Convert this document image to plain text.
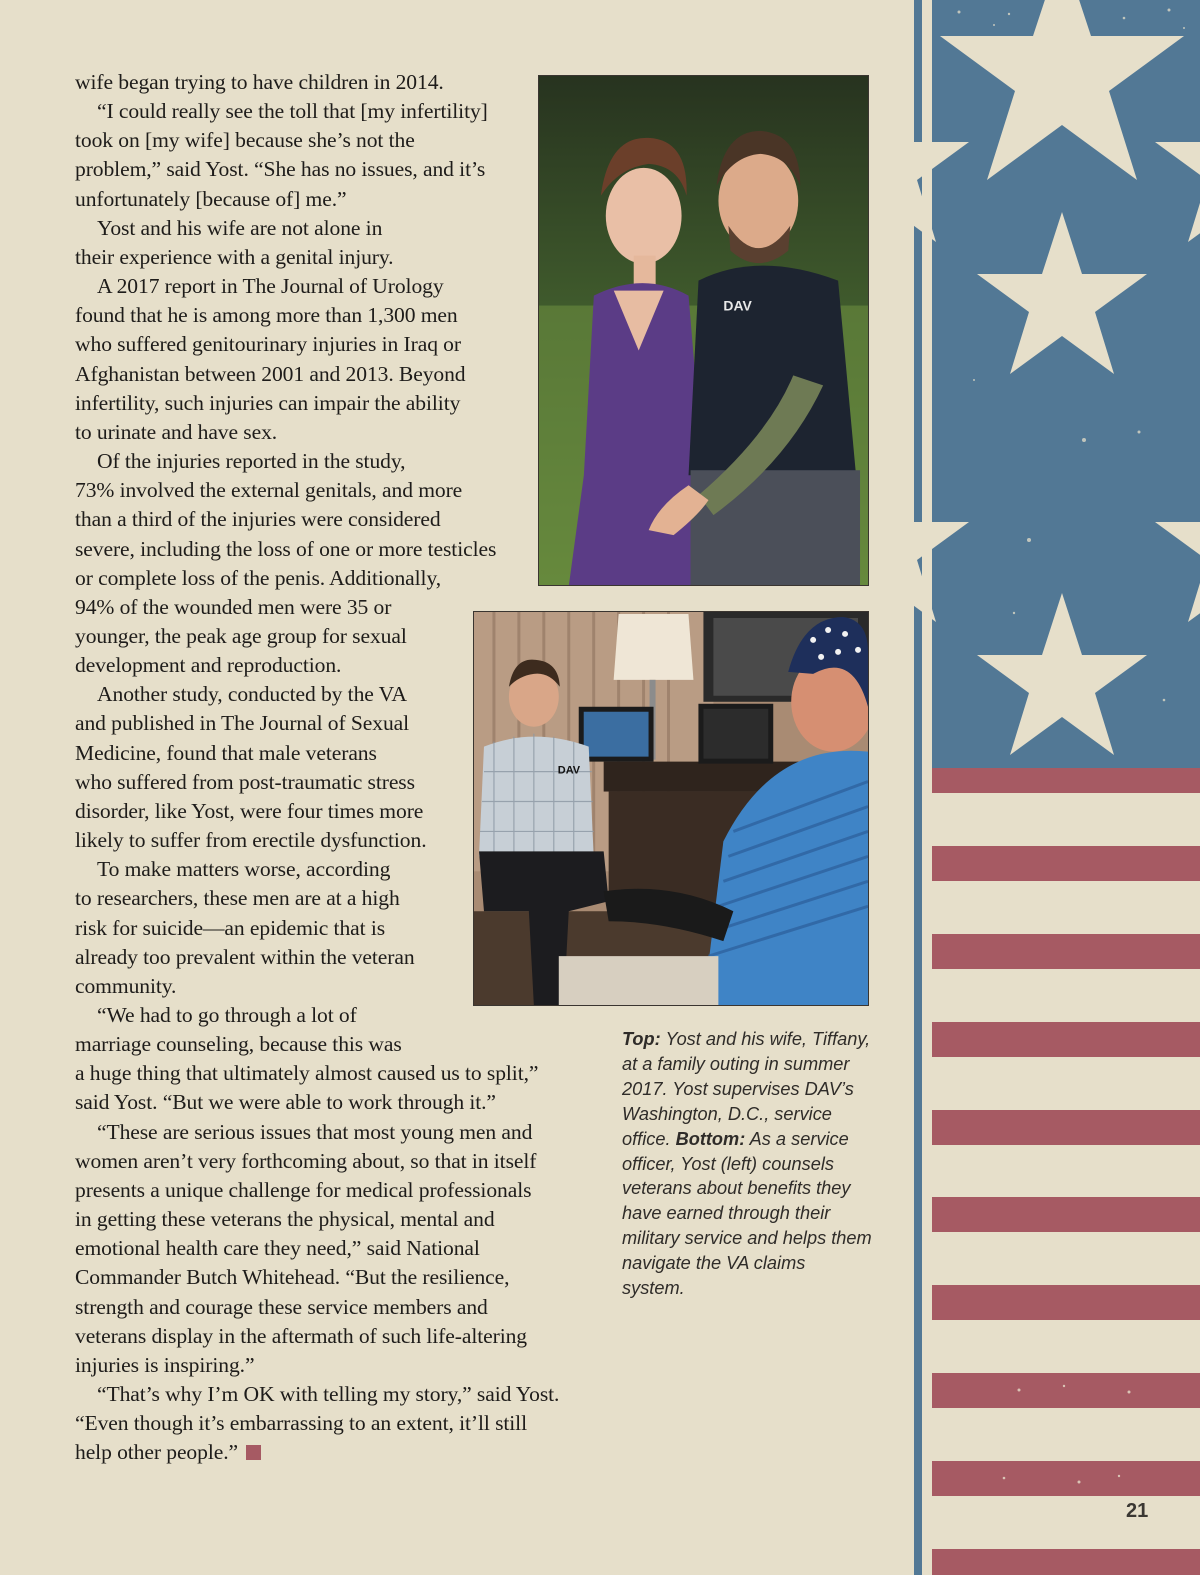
wife began trying to have children in 2014.

“I could really see the toll that [my infertility]
took on [my wife] because she’s not the
problem,” said Yost. “She has no issues, and it’s
unfortunately [because of] me.”

Yost and his wife are not alone in
their experience with a genital injury.

A 2017 report in The Journal of Urology
found that he is among more than 1,300 men
who suffered genitourinary injuries in Iraq or
Afghanistan between 2001 and 2013. Beyond
infertility, such injuries can impair the ability
to urinate and have sex.

Of the injuries reported in the study,
73% involved the external genitals, and more
than a third of the injuries were considered
severe, including the loss of one or more testicles
or complete loss of the penis. Additionally,
94% of the wounded men were 35 or
younger, the peak age group for sexual
development and reproduction.

Another study, conducted by the VA
and published in The Journal of Sexual
Medicine, found that male veterans
who suffered from post-traumatic stress
disorder, like Yost, were four times more
likely to suffer from erectile dysfunction.

To make matters worse, according
to researchers, these men are at a high
risk for suicide—an epidemic that is
already too prevalent within the veteran
community.

“We had to go through a lot of
marriage counseling, because this was
a huge thing that ultimately almost caused us to split,”
said Yost. “But we were able to work through it.”

“These are serious issues that most young men and
women aren’t very forthcoming about, so that in itself
presents a unique challenge for medical professionals
in getting these veterans the physical, mental and
emotional health care they need,” said National
Commander Butch Whitehead. “But the resilience,
strength and courage these service members and
veterans display in the aftermath of such life-altering
injuries is inspiring.”

“That’s why I’m OK with telling my story,” said Yost.
“Even though it’s embarrassing to an extent, it’ll still
help other people.”

DAV
DAV
Top: Yost and his wife, Tiffany, at a family outing in summer 2017. Yost supervises DAV’s Washington, D.C., service office. Bottom: As a service officer, Yost (left) counsels veterans about benefits they have earned through their military service and helps them navigate the VA claims system.
21
